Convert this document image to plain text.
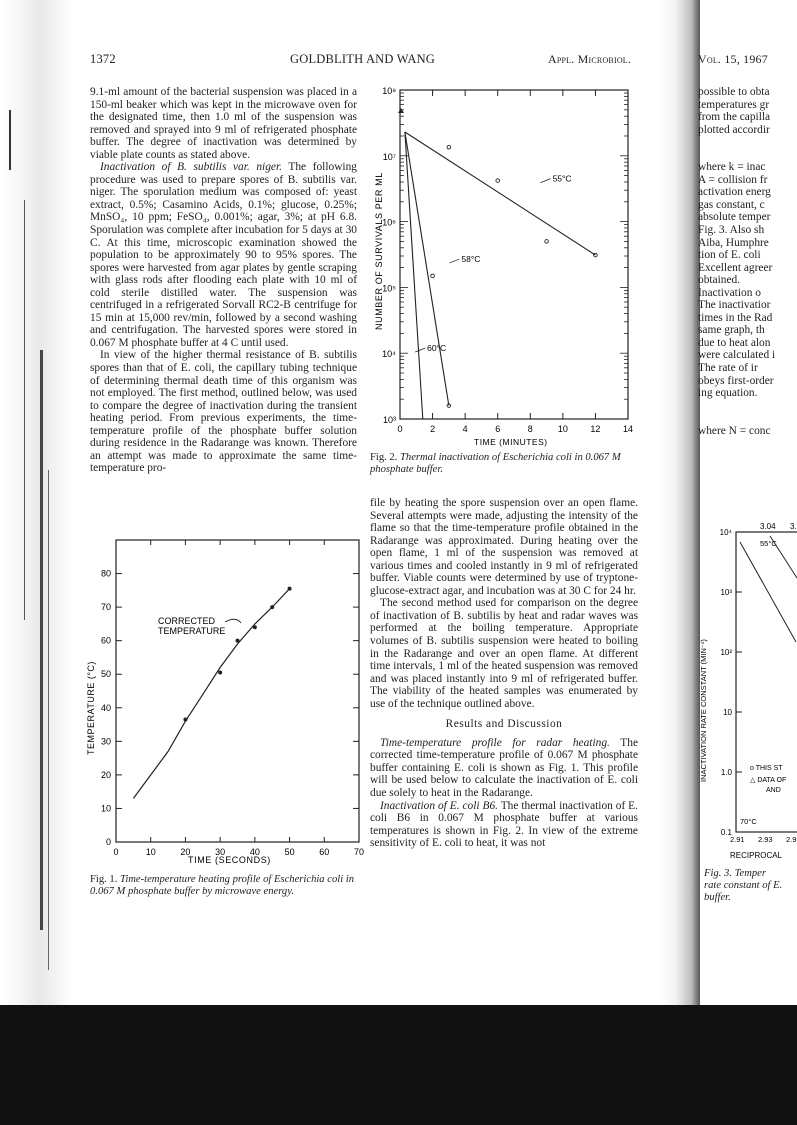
1372	GOLDBLITH AND WANG	Appl. Microbiol.

9.1-ml amount of the bacterial suspension was placed in a 150-ml beaker which was kept in the microwave oven for the designated time, then 1.0 ml of the suspension was removed and sprayed into 9 ml of refrigerated phosphate buffer. The degree of inactivation was determined by viable plate counts as stated above.

Inactivation of B. subtilis var. niger. The following procedure was used to prepare spores of B. subtilis var. niger. The sporulation medium was composed of: yeast extract, 0.5%; Casamino Acids, 0.1%; glucose, 0.25%; MnSO₄, 10 ppm; FeSO₄, 0.001%; agar, 3%; at pH 6.8. Sporulation was complete after incubation for 5 days at 30 C. At this time, microscopic examination showed the population to be approximately 90 to 95% spores. The spores were harvested from agar plates by gentle scraping with glass rods after flooding each plate with 10 ml of cold sterile distilled water. The suspension was centrifuged in a refrigerated Sorvall RC2-B centrifuge for 15 min at 15,000 rev/min, followed by a second washing and centrifugation. The harvested spores were stored in 0.067 M phosphate buffer at 4 C until used.

In view of the higher thermal resistance of B. subtilis spores than that of E. coli, the capillary tubing technique of determining thermal death time of this organism was not employed. The first method, outlined below, was used to compare the degree of inactivation during the transient heating period. From previous experiments, the time-temperature profile of the phosphate buffer solution during residence in the Radarange was known. Therefore an attempt was made to approximate the same time-temperature pro-

0	10	20	30	40	50	60	70
0
10
20
30
40
50
60
70
80
CORRECTED
TEMPERATURE
TEMPERATURE (°C)
TIME (SECONDS)
Fig. 1. Time-temperature heating profile of Escherichia coli in 0.067 M phosphate buffer by microwave energy.
0	2	4	6	8	10	12	14
10³
10⁴
10⁵
10⁶
10⁷
10⁸
55°C
58°C
60°C
NUMBER OF SURVIVALS PER ML
TIME (MINUTES)
Fig. 2. Thermal inactivation of Escherichia coli in 0.067 M phosphate buffer.

file by heating the spore suspension over an open flame. Several attempts were made, adjusting the intensity of the flame so that the time-temperature profile obtained in the Radarange was approximated. During heating over the open flame, 1 ml of the suspension was removed at various times and cooled instantly in 9 ml of refrigerated buffer. Viable counts were determined by use of tryptone-glucose-extract agar, and incubation was at 30 C for 24 hr.

The second method used for comparison on the degree of inactivation of B. subtilis by heat and radar waves was performed at the boiling temperature. Appropriate volumes of B. subtilis suspension were heated to boiling in the Radarange and over an open flame. At different time intervals, 1 ml of the heated suspension was removed and was placed instantly into 9 ml of refrigerated buffer. The viability of the heated samples was enumerated by use of the technique outlined above.

Results and Discussion

Time-temperature profile for radar heating. The corrected time-temperature profile of 0.067 M phosphate buffer containing E. coli is shown as Fig. 1. This profile will be used below to calculate the inactivation of E. coli due solely to heat in the Radarange.

Inactivation of E. coli B6. The thermal inactivation of E. coli B6 in 0.067 M phosphate buffer at various temperatures is shown in Fig. 2. In view of the extreme sensitivity of E. coli to heat, it was not

Vol. 15, 1967
possible to obta
temperatures gr
from the capilla
plotted accordir
where k = inac
A = collision fr
activation energ
gas constant, c
absolute temper
Fig. 3. Also sh
Aiba, Humphre
tion of E. coli
Excellent agreer
obtained.
Inactivation o
The inactivatior
times in the Rad
same graph, th
due to heat alon
were calculated i
The rate of ir
obeys first-order
ing equation.
where N = conc
10⁴
10³
10²
10
1.0
0.1
3.04 3.
2.91 2.93 2.9
55°C
70°C
o THIS ST
△ DATA OF
AND
INACTIVATION RATE CONSTANT (MIN⁻¹)
RECIPROCAL
Fig. 3. Temper
rate constant of E.
buffer.
